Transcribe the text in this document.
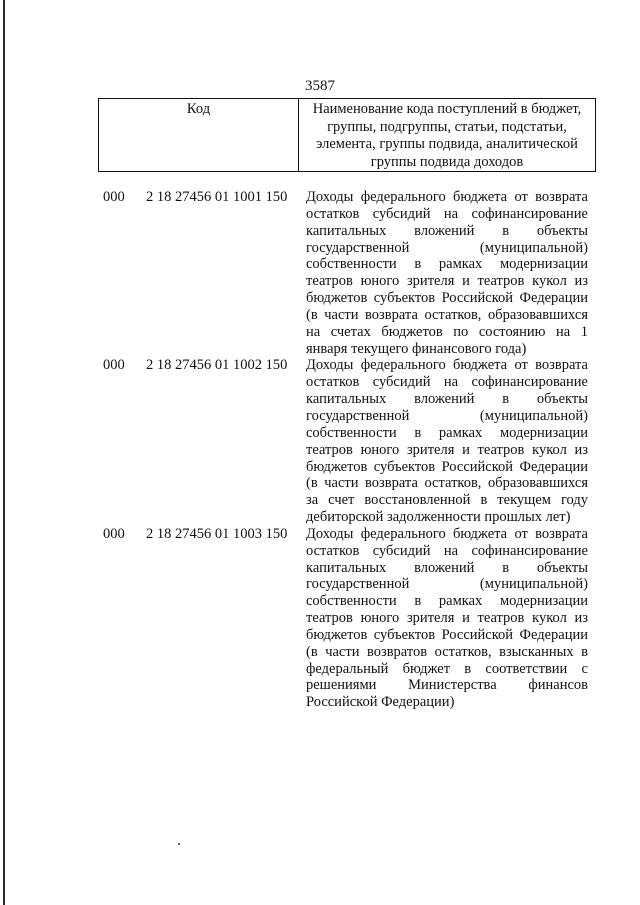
3587
Код	Наименование кода поступлений в бюджет, группы, подгруппы, статьи, подстатьи, элемента, группы подвида, аналитической группы подвида доходов
000 2 18 27456 01 1001 150 Доходы федерального бюджета от возврата остатков субсидий на софинансирование капитальных вложений в объекты государственной (муниципальной) собственности в рамках модернизации театров юного зрителя и театров кукол из бюджетов субъектов Российской Федерации (в части возврата остатков, образовавшихся на счетах бюджетов по состоянию на 1 января текущего финансового года)
000 2 18 27456 01 1002 150 Доходы федерального бюджета от возврата остатков субсидий на софинансирование капитальных вложений в объекты государственной (муниципальной) собственности в рамках модернизации театров юного зрителя и театров кукол из бюджетов субъектов Российской Федерации (в части возврата остатков, образовавшихся за счет восстановленной в текущем году дебиторской задолженности прошлых лет)
000 2 18 27456 01 1003 150 Доходы федерального бюджета от возврата остатков субсидий на софинансирование капитальных вложений в объекты государственной (муниципальной) собственности в рамках модернизации театров юного зрителя и театров кукол из бюджетов субъектов Российской Федерации (в части возвратов остатков, взысканных в федеральный бюджет в соответствии с решениями Министерства финансов Российской Федерации)
